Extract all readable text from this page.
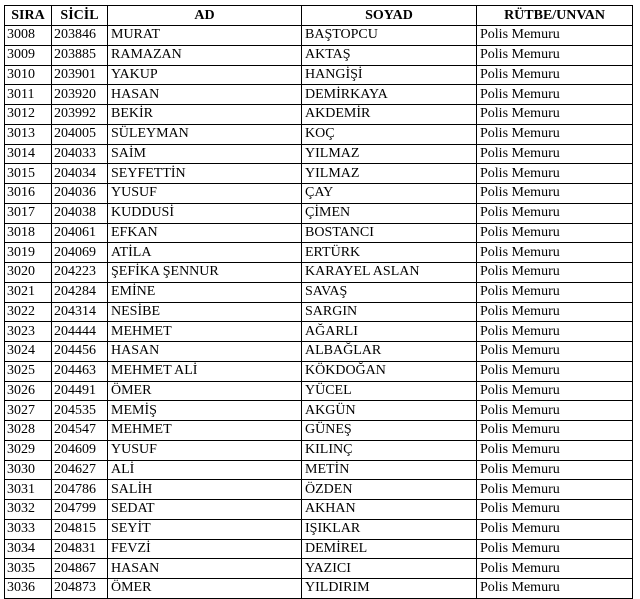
SIRA	SİCİL	AD	SOYAD	RÜTBE/UNVAN
3008	203846	MURAT	BAŞTOPCU	Polis Memuru
3009	203885	RAMAZAN	AKTAŞ	Polis Memuru
3010	203901	YAKUP	HANGİŞİ	Polis Memuru
3011	203920	HASAN	DEMİRKAYA	Polis Memuru
3012	203992	BEKİR	AKDEMİR	Polis Memuru
3013	204005	SÜLEYMAN	KOÇ	Polis Memuru
3014	204033	SAİM	YILMAZ	Polis Memuru
3015	204034	SEYFETTİN	YILMAZ	Polis Memuru
3016	204036	YUSUF	ÇAY	Polis Memuru
3017	204038	KUDDUSİ	ÇİMEN	Polis Memuru
3018	204061	EFKAN	BOSTANCI	Polis Memuru
3019	204069	ATİLA	ERTÜRK	Polis Memuru
3020	204223	ŞEFİKA ŞENNUR	KARAYEL ASLAN	Polis Memuru
3021	204284	EMİNE	SAVAŞ	Polis Memuru
3022	204314	NESİBE	SARGIN	Polis Memuru
3023	204444	MEHMET	AĞARLI	Polis Memuru
3024	204456	HASAN	ALBAĞLAR	Polis Memuru
3025	204463	MEHMET ALİ	KÖKDOĞAN	Polis Memuru
3026	204491	ÖMER	YÜCEL	Polis Memuru
3027	204535	MEMİŞ	AKGÜN	Polis Memuru
3028	204547	MEHMET	GÜNEŞ	Polis Memuru
3029	204609	YUSUF	KILINÇ	Polis Memuru
3030	204627	ALİ	METİN	Polis Memuru
3031	204786	SALİH	ÖZDEN	Polis Memuru
3032	204799	SEDAT	AKHAN	Polis Memuru
3033	204815	SEYİT	IŞIKLAR	Polis Memuru
3034	204831	FEVZİ	DEMİREL	Polis Memuru
3035	204867	HASAN	YAZICI	Polis Memuru
3036	204873	ÖMER	YILDIRIM	Polis Memuru
